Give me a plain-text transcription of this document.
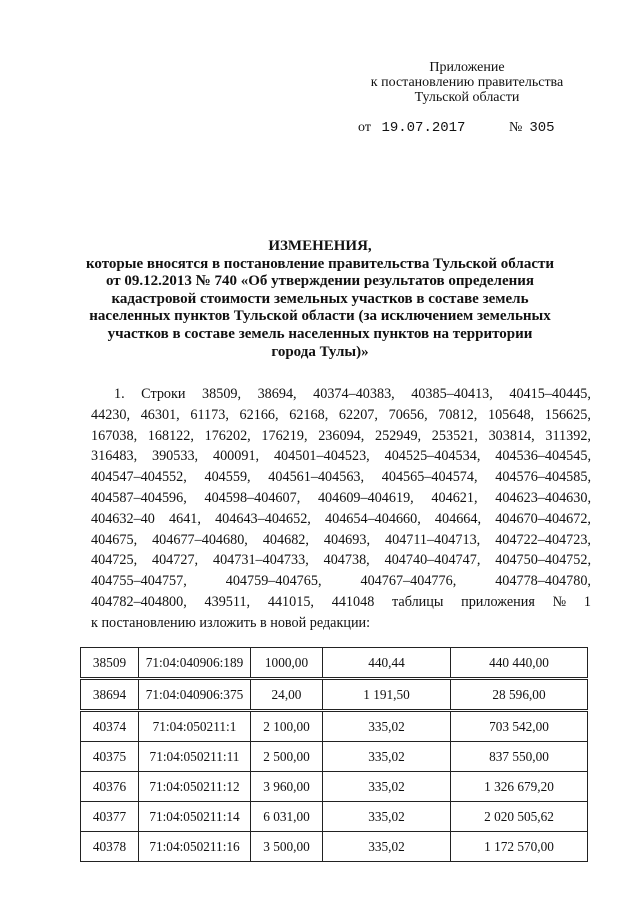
Приложение
к постановлению правительства
Тульской области
от 19.07.2017	№ 305
ИЗМЕНЕНИЯ,
которые вносятся в постановление правительства Тульской области
от 09.12.2013 № 740 «Об утверждении результатов определения
кадастровой стоимости земельных участков в составе земель
населенных пунктов Тульской области (за исключением земельных
участков в составе земель населенных пунктов на территории
города Тулы)»
1. Строки 38509, 38694, 40374–40383, 40385–40413, 40415–40445,
44230, 46301, 61173, 62166, 62168, 62207, 70656, 70812, 105648, 156625,
167038, 168122, 176202, 176219, 236094, 252949, 253521, 303814, 311392,
316483, 390533, 400091, 404501–404523, 404525–404534, 404536–404545,
404547–404552, 404559, 404561–404563, 404565–404574, 404576–404585,
404587–404596, 404598–404607, 404609–404619, 404621, 404623–404630,
404632–40 4641, 404643–404652, 404654–404660, 404664, 404670–404672,
404675, 404677–404680, 404682, 404693, 404711–404713, 404722–404723,
404725, 404727, 404731–404733, 404738, 404740–404747, 404750–404752,
404755–404757,	404759–404765,	404767–404776,	404778–404780,
404782–404800, 439511, 441015, 441048 таблицы приложения № 1
к постановлению изложить в новой редакции:
38509	71:04:040906:189	1000,00	440,44	440 440,00
38694	71:04:040906:375	24,00	1 191,50	28 596,00
40374	71:04:050211:1	2 100,00	335,02	703 542,00
40375	71:04:050211:11	2 500,00	335,02	837 550,00
40376	71:04:050211:12	3 960,00	335,02	1 326 679,20
40377	71:04:050211:14	6 031,00	335,02	2 020 505,62
40378	71:04:050211:16	3 500,00	335,02	1 172 570,00
